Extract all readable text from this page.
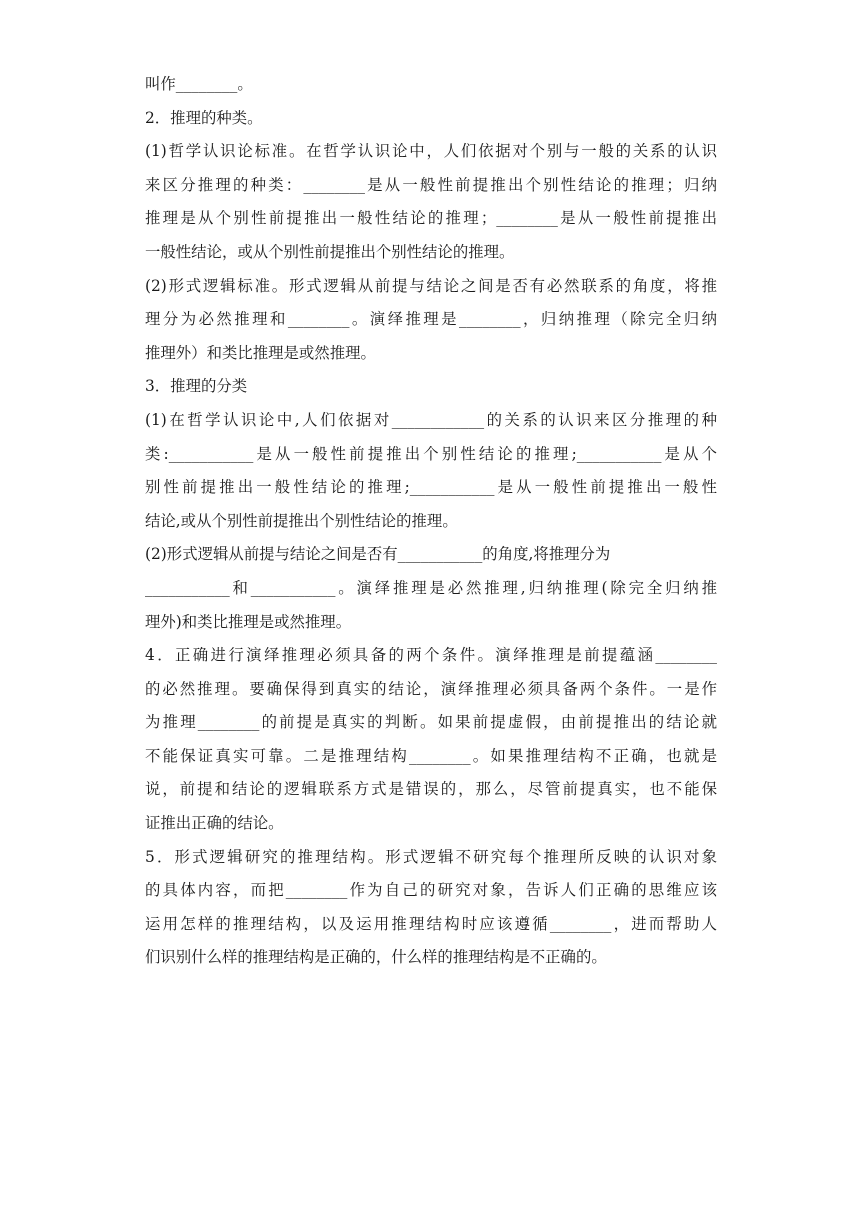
叫作________。
2．推理的种类。
(1)哲学认识论标准。在哲学认识论中，人们依据对个别与一般的关系的认识
来区分推理的种类：________是从一般性前提推出个别性结论的推理；归纳
推理是从个别性前提推出一般性结论的推理；________是从一般性前提推出
一般性结论，或从个别性前提推出个别性结论的推理。
(2)形式逻辑标准。形式逻辑从前提与结论之间是否有必然联系的角度，将推
理分为必然推理和________。演绎推理是________，归纳推理（除完全归纳
推理外）和类比推理是或然推理。
3．推理的分类
(1)在哲学认识论中,人们依据对____________的关系的认识来区分推理的种
类:___________是从一般性前提推出个别性结论的推理;___________是从个
别性前提推出一般性结论的推理;___________是从一般性前提推出一般性
结论,或从个别性前提推出个别性结论的推理。
(2)形式逻辑从前提与结论之间是否有___________的角度,将推理分为
___________和___________。演绎推理是必然推理,归纳推理(除完全归纳推
理外)和类比推理是或然推理。
4．正确进行演绎推理必须具备的两个条件。演绎推理是前提蕴涵________
的必然推理。要确保得到真实的结论，演绎推理必须具备两个条件。一是作
为推理________的前提是真实的判断。如果前提虚假，由前提推出的结论就
不能保证真实可靠。二是推理结构________。如果推理结构不正确，也就是
说，前提和结论的逻辑联系方式是错误的，那么，尽管前提真实，也不能保
证推出正确的结论。
5．形式逻辑研究的推理结构。形式逻辑不研究每个推理所反映的认识对象
的具体内容，而把________作为自己的研究对象，告诉人们正确的思维应该
运用怎样的推理结构，以及运用推理结构时应该遵循________，进而帮助人
们识别什么样的推理结构是正确的，什么样的推理结构是不正确的。
